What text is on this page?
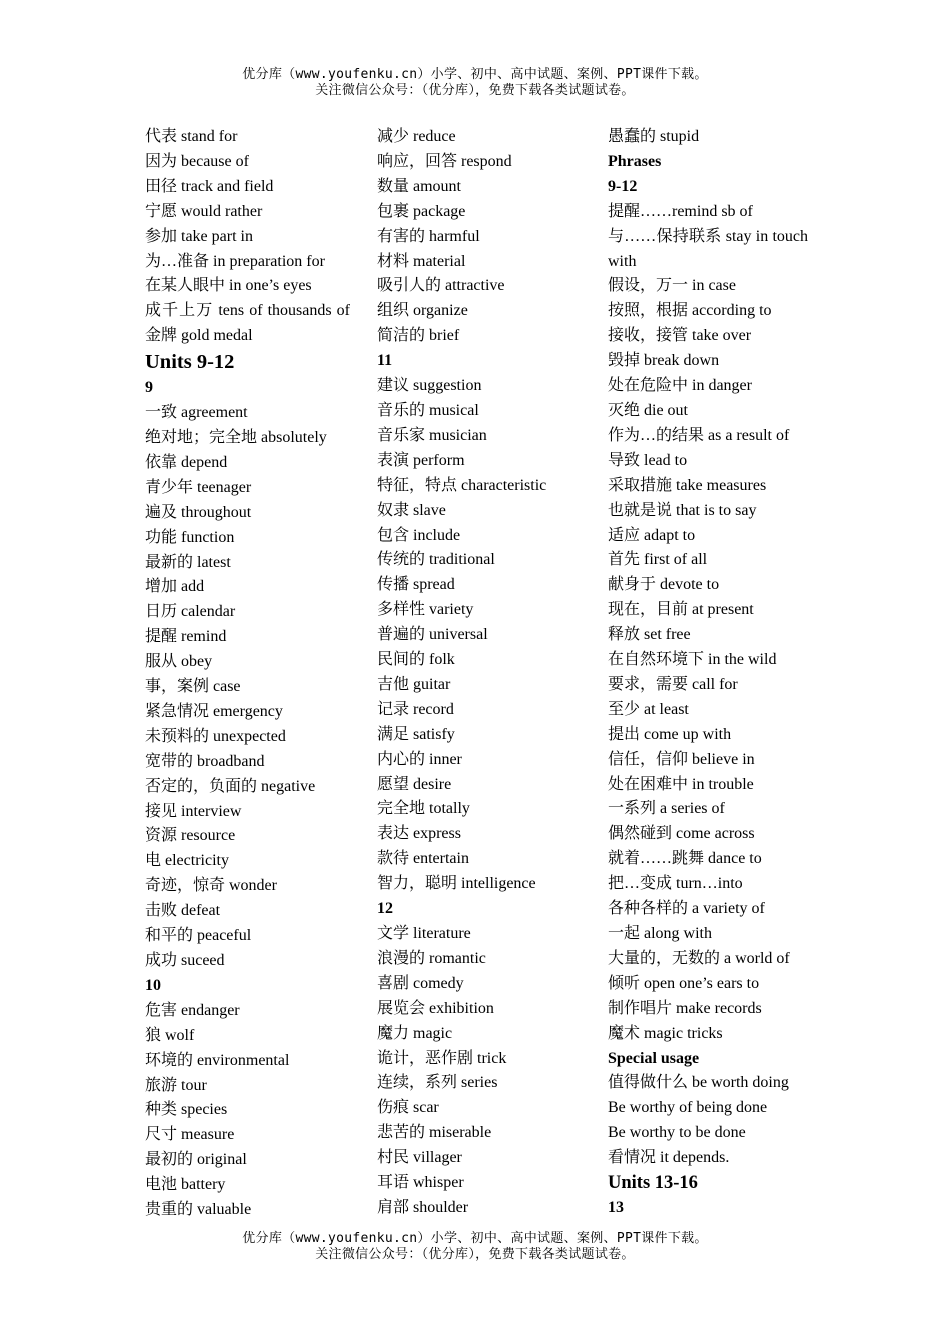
优分库（www.youfenku.cn）小学、初中、高中试题、案例、PPT课件下载。
关注微信公众号：（优分库），免费下载各类试题试卷。
代表 stand for
因为 because of
田径 track and field
宁愿 would rather
参加 take part in
为…准备 in preparation for
在某人眼中 in one’s eyes
成千上万 tens of thousands of 金牌 gold medal
Units 9-12
9
一致 agreement
绝对地；完全地 absolutely
依靠 depend
青少年 teenager
遍及 throughout
功能 function
最新的 latest
增加 add
日历 calendar
提醒 remind
服从 obey
事，案例 case
紧急情况 emergency
未预料的 unexpected
宽带的 broadband
否定的，负面的 negative
接见 interview
资源 resource
电 electricity
奇迹，惊奇 wonder
击败 defeat
和平的 peaceful
成功 suceed
10
危害 endanger
狼 wolf
环境的 environmental
旅游 tour
种类 species
尺寸 measure
最初的 original
电池 battery
贵重的 valuable
减少 reduce
响应，回答 respond
数量 amount
包裹 package
有害的 harmful
材料 material
吸引人的 attractive
组织 organize
简洁的 brief
11
建议 suggestion
音乐的 musical
音乐家 musician
表演 perform
特征，特点 characteristic
奴隶 slave
包含 include
传统的 traditional
传播 spread
多样性 variety
普遍的 universal
民间的 folk
吉他 guitar
记录 record
满足 satisfy
内心的 inner
愿望 desire
完全地 totally
表达 express
款待 entertain
智力，聪明 intelligence
12
文学 literature
浪漫的 romantic
喜剧 comedy
展览会 exhibition
魔力 magic
诡计，恶作剧 trick
连续，系列 series
伤痕 scar
悲苦的 miserable
村民 villager
耳语 whisper
肩部 shoulder
愚蠢的 stupid
Phrases
9-12
提醒……remind sb of
与……保持联系 stay in touch with
假设，万一 in case
按照，根据 according to
接收，接管 take over
毁掉 break down
处在危险中 in danger
灭绝 die out
作为…的结果 as a result of
导致 lead to
采取措施 take measures
也就是说 that is to say
适应 adapt to
首先 first of all
献身于 devote to
现在，目前 at present
释放 set free
在自然环境下 in the wild
要求，需要 call for
至少 at least
提出 come up with
信任，信仰 believe in
处在困难中 in trouble
一系列 a series of
偶然碰到 come across
就着……跳舞 dance to
把…变成 turn…into
各种各样的 a variety of
一起 along with
大量的，无数的 a world of
倾听 open one’s ears to
制作唱片 make records
魔术 magic tricks
Special usage
值得做什么 be worth doing
Be worthy of being done
Be worthy to be done
看情况 it depends.
Units 13-16
13
优分库（www.youfenku.cn）小学、初中、高中试题、案例、PPT课件下载。
关注微信公众号：（优分库），免费下载各类试题试卷。
